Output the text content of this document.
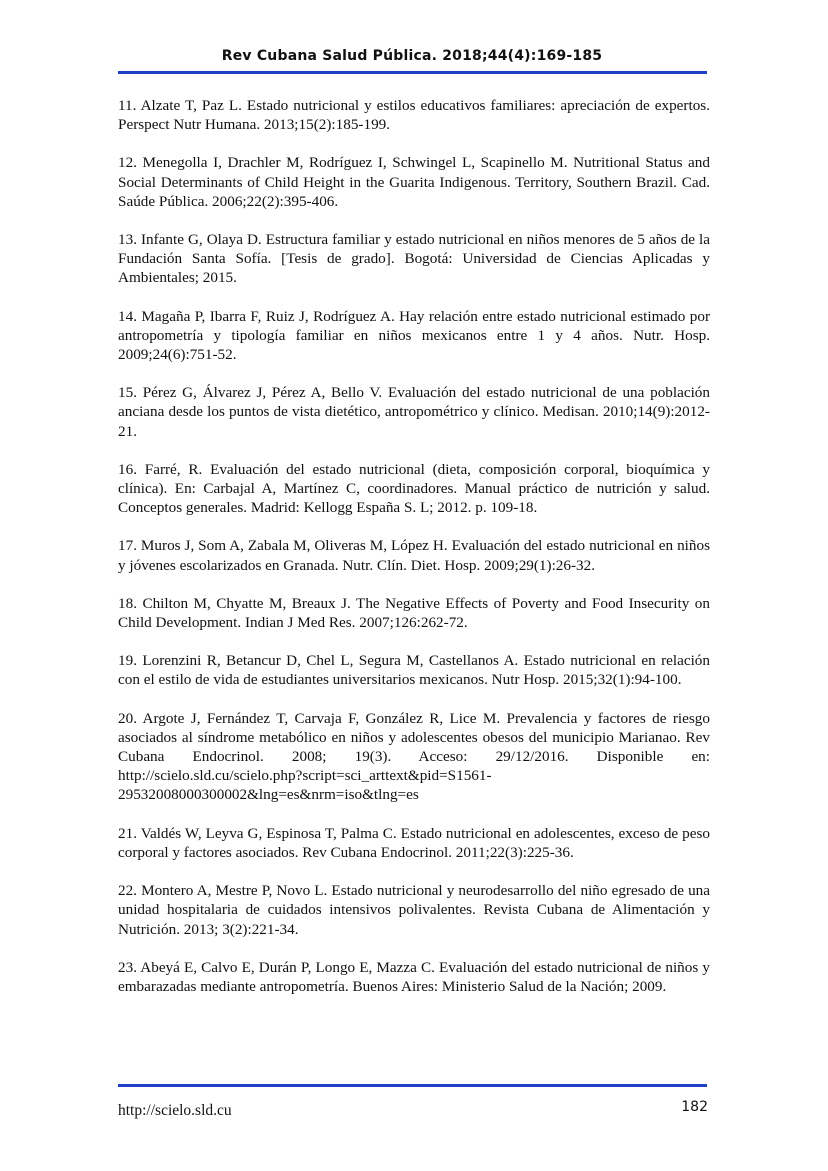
Rev Cubana Salud Pública. 2018;44(4):169-185
11. Alzate T, Paz L. Estado nutricional y estilos educativos familiares: apreciación de expertos. Perspect Nutr Humana. 2013;15(2):185-199.
12. Menegolla I, Drachler M, Rodríguez I, Schwingel L, Scapinello M. Nutritional Status and Social Determinants of Child Height in the Guarita Indigenous. Territory, Southern Brazil. Cad. Saúde Pública. 2006;22(2):395-406.
13. Infante G, Olaya D. Estructura familiar y estado nutricional en niños menores de 5 años de la Fundación Santa Sofía. [Tesis de grado]. Bogotá: Universidad de Ciencias Aplicadas y Ambientales; 2015.
14. Magaña P, Ibarra F, Ruiz J, Rodríguez A. Hay relación entre estado nutricional estimado por antropometría y tipología familiar en niños mexicanos entre 1 y 4 años. Nutr. Hosp. 2009;24(6):751-52.
15. Pérez G, Álvarez J, Pérez A, Bello V. Evaluación del estado nutricional de una población anciana desde los puntos de vista dietético, antropométrico y clínico. Medisan. 2010;14(9):2012-21.
16. Farré, R. Evaluación del estado nutricional (dieta, composición corporal, bioquímica y clínica). En: Carbajal A, Martínez C, coordinadores. Manual práctico de nutrición y salud. Conceptos generales. Madrid: Kellogg España S. L; 2012. p. 109-18.
17. Muros J, Som A, Zabala M, Oliveras M, López H. Evaluación del estado nutricional en niños y jóvenes escolarizados en Granada. Nutr. Clín. Diet. Hosp. 2009;29(1):26-32.
18. Chilton M, Chyatte M, Breaux J. The Negative Effects of Poverty and Food Insecurity on Child Development. Indian J Med Res. 2007;126:262-72.
19. Lorenzini R, Betancur D, Chel L, Segura M, Castellanos A. Estado nutricional en relación con el estilo de vida de estudiantes universitarios mexicanos. Nutr Hosp. 2015;32(1):94-100.
20. Argote J, Fernández T, Carvaja F, González R, Lice M. Prevalencia y factores de riesgo asociados al síndrome metabólico en niños y adolescentes obesos del municipio Marianao. Rev Cubana Endocrinol. 2008; 19(3). Acceso: 29/12/2016. Disponible en: http://scielo.sld.cu/scielo.php?script=sci_arttext&pid=S1561-29532008000300002&lng=es&nrm=iso&tlng=es
21. Valdés W, Leyva G, Espinosa T, Palma C. Estado nutricional en adolescentes, exceso de peso corporal y factores asociados. Rev Cubana Endocrinol. 2011;22(3):225-36.
22. Montero A, Mestre P, Novo L. Estado nutricional y neurodesarrollo del niño egresado de una unidad hospitalaria de cuidados intensivos polivalentes. Revista Cubana de Alimentación y Nutrición. 2013; 3(2):221-34.
23. Abeyá E, Calvo E, Durán P, Longo E, Mazza C. Evaluación del estado nutricional de niños y embarazadas mediante antropometría. Buenos Aires: Ministerio Salud de la Nación; 2009.
http://scielo.sld.cu	182
